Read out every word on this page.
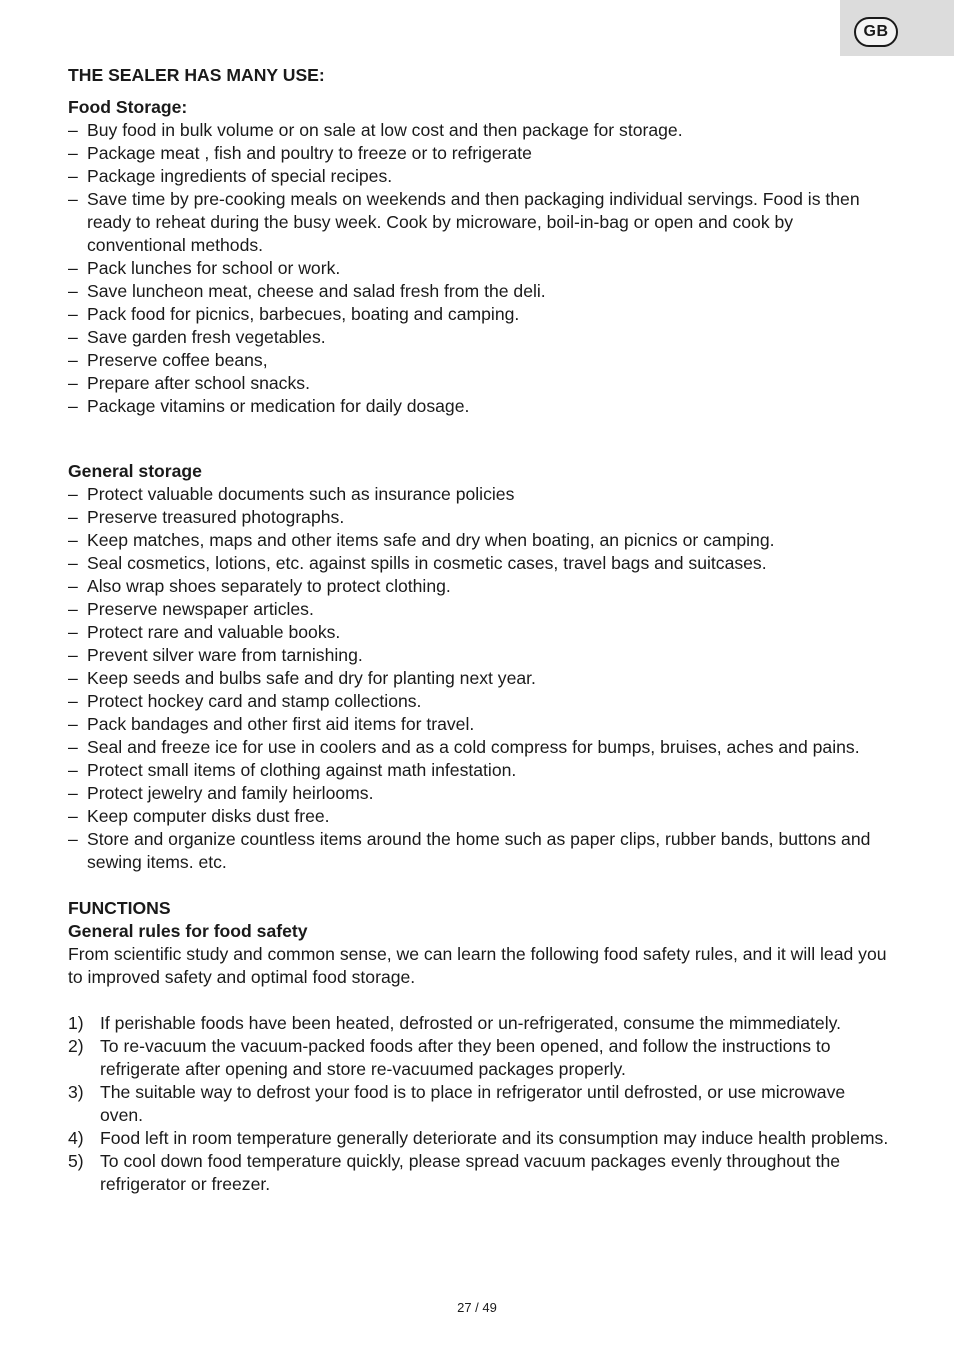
GB
THE SEALER HAS MANY USE:
Food Storage:
– Buy food in bulk volume or on sale at low cost and then package for storage.
– Package meat , fish and poultry to freeze or to refrigerate
– Package ingredients of special recipes.
– Save time by pre-cooking meals on weekends and then packaging individual servings. Food is then ready to reheat during the busy week. Cook by microware, boil-in-bag or open and cook by conventional methods.
– Pack lunches for school or work.
– Save luncheon meat, cheese and salad fresh from the deli.
– Pack food for picnics, barbecues, boating and camping.
– Save garden fresh vegetables.
– Preserve coffee beans,
– Prepare after school snacks.
– Package vitamins or medication for daily dosage.
General storage
– Protect valuable documents such as insurance policies
– Preserve treasured photographs.
– Keep matches, maps and other items safe and dry when boating, an picnics or camping.
– Seal cosmetics, lotions, etc. against spills in cosmetic cases, travel bags and suitcases.
– Also wrap shoes separately to protect clothing.
– Preserve newspaper articles.
– Protect rare and valuable books.
– Prevent silver ware from tarnishing.
– Keep seeds and bulbs safe and dry for planting next year.
– Protect hockey card and stamp collections.
– Pack bandages and other first aid items for travel.
– Seal and freeze ice for use in coolers and as a cold compress for bumps, bruises, aches and pains.
– Protect small items of clothing against math infestation.
– Protect jewelry and family heirlooms.
– Keep computer disks dust free.
– Store and organize countless items around the home such as paper clips, rubber bands, buttons and sewing items. etc.
FUNCTIONS
General rules for food safety
From scientific study and common sense, we can learn the following food safety rules, and it will lead you to improved safety and optimal food storage.
1) If perishable foods have been heated, defrosted or un-refrigerated, consume the mimmediately.
2) To re-vacuum the vacuum-packed foods after they been opened, and follow the instructions to refrigerate after opening and store re-vacuumed packages properly.
3) The suitable way to defrost your food is to place in refrigerator until defrosted, or use microwave oven.
4) Food left in room temperature generally deteriorate and its consumption may induce health problems.
5) To cool down food temperature quickly, please spread vacuum packages evenly throughout the refrigerator or freezer.
27 / 49
